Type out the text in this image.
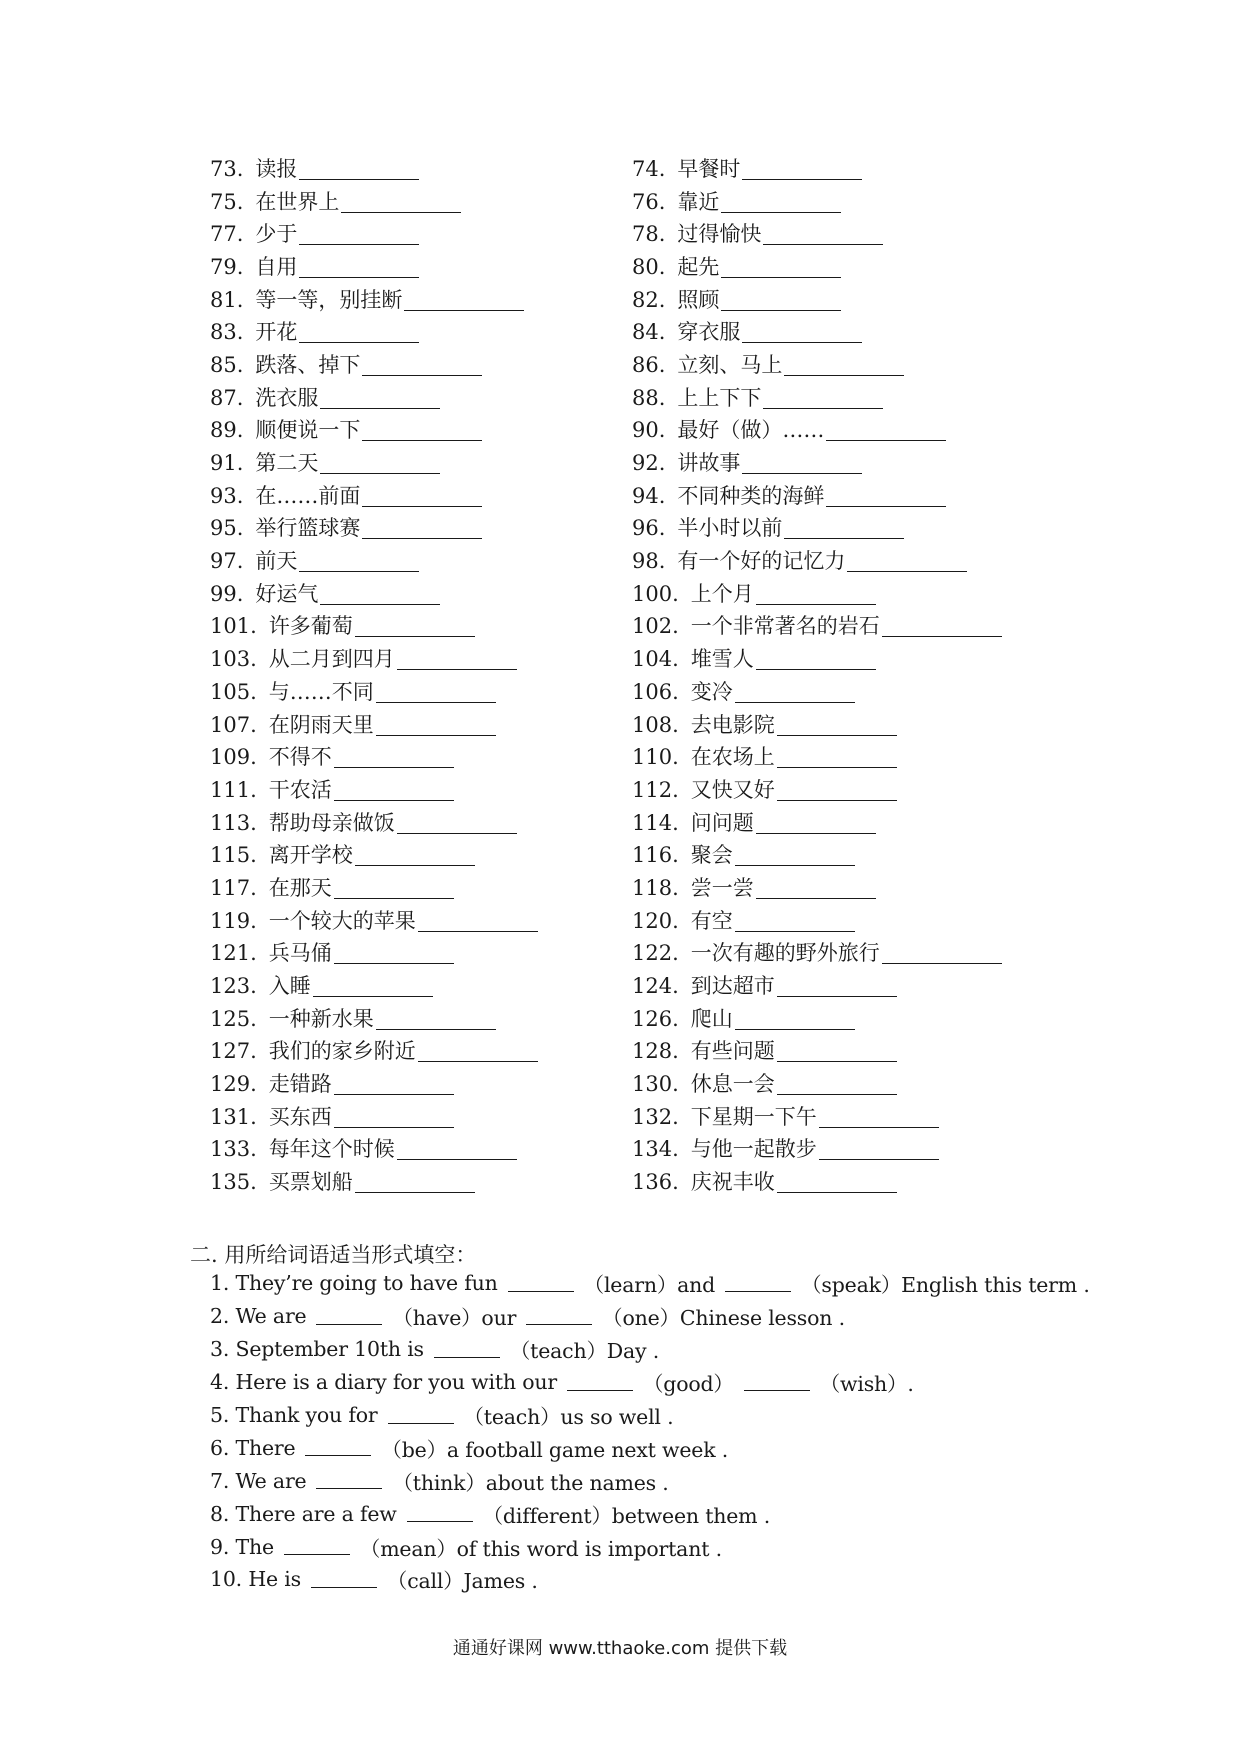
73. 读报	74. 早餐时
75. 在世界上	76. 靠近
77. 少于	78. 过得愉快
79. 自用	80. 起先
81. 等一等，别挂断	82. 照顾
83. 开花	84. 穿衣服
85. 跌落、掉下	86. 立刻、马上
87. 洗衣服	88. 上上下下
89. 顺便说一下	90. 最好（做）……
91. 第二天	92. 讲故事
93. 在……前面	94. 不同种类的海鲜
95. 举行篮球赛	96. 半小时以前
97. 前天	98. 有一个好的记忆力
99. 好运气	100. 上个月
101. 许多葡萄	102. 一个非常著名的岩石
103. 从二月到四月	104. 堆雪人
105. 与……不同	106. 变冷
107. 在阴雨天里	108. 去电影院
109. 不得不	110. 在农场上
111. 干农活	112. 又快又好
113. 帮助母亲做饭	114. 问问题
115. 离开学校	116. 聚会
117. 在那天	118. 尝一尝
119. 一个较大的苹果	120. 有空
121. 兵马俑	122. 一次有趣的野外旅行
123. 入睡	124. 到达超市
125. 一种新水果	126. 爬山
127. 我们的家乡附近	128. 有些问题
129. 走错路	130. 休息一会
131. 买东西	132. 下星期一下午
133. 每年这个时候	134. 与他一起散步
135. 买票划船	136. 庆祝丰收
二. 用所给词语适当形式填空：
1. They’re going to have fun	（learn）and	（speak）English this term .
2. We are	（have）our	（one）Chinese lesson .
3. September 10th is	（teach）Day .
4. Here is a diary for you with our	（good）	（wish）.
5. Thank you for	（teach）us so well .
6. There	（be）a football game next week .
7. We are	（think）about the names .
8. There are a few	（different）between them .
9. The	（mean）of this word is important .
10. He is	（call）James .
通通好课网 www.tthaoke.com 提供下载
